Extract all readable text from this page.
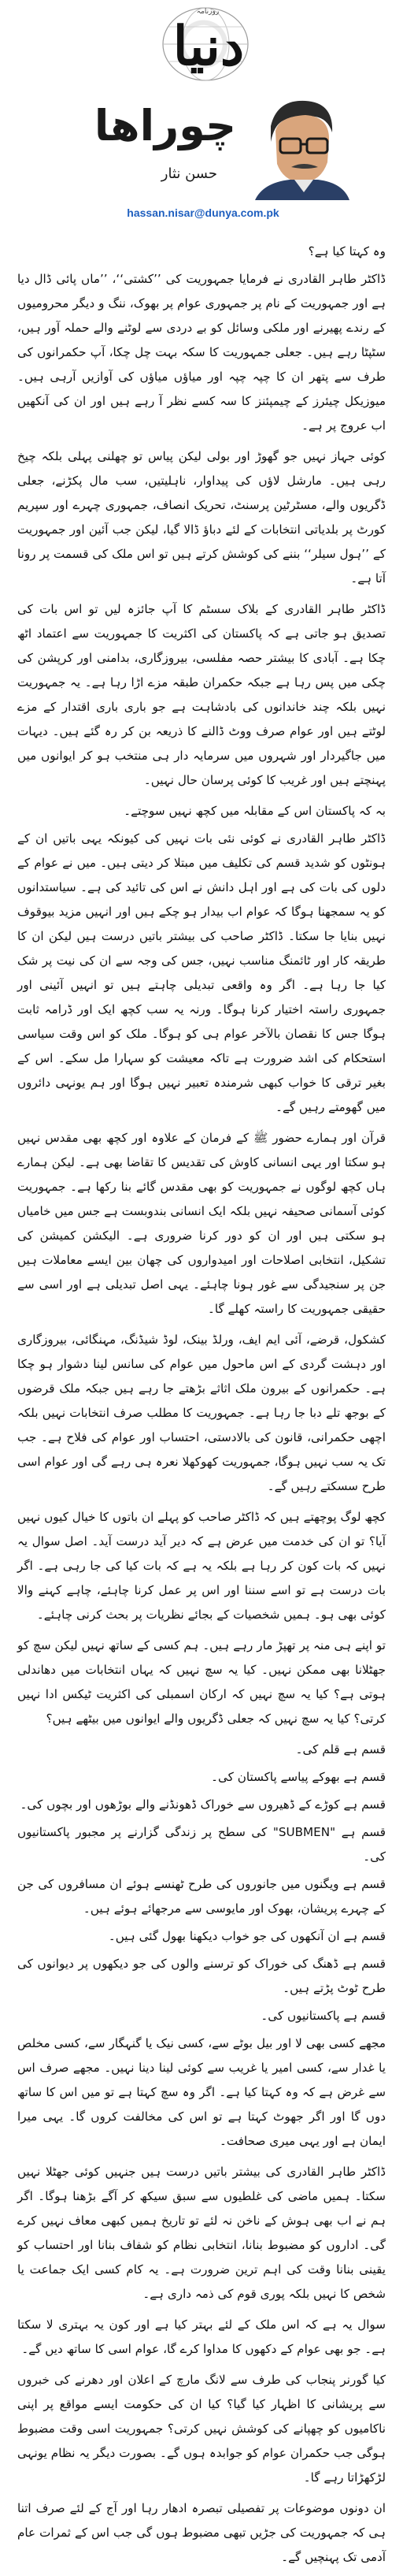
دنیا
روزنامہ
چوراھا
حسن نثار
hassan.nisar@dunya.com.pk

وہ کہتا کیا ہے؟

ڈاکٹر طاہر القادری نے فرمایا جمہوریت کی ’’کشتی‘‘، ’’ماں پائی ڈال دیا ہے اور جمہوریت کے نام پر جمہوری عوام پر بھوک، ننگ و دیگر محرومیوں کے رندے پھیرنے اور ملکی وسائل کو بے دردی سے لوٹنے والے حملہ آور ہیں، سٹپٹا رہے ہیں۔ جعلی جمہوریت کا سکہ بہت چل چکا، آپ حکمرانوں کی طرف سے پتھر ان کا چپہ چپہ اور میاؤں میاؤں کی آوازیں آرہی ہیں۔ میوزیکل چیئرز کے چیمپئنز کا سہ کسے نظر آ رہے ہیں اور ان کی آنکھیں اب عروج پر ہے۔

کوئی جہاز نہیں جو گھوڑ اور بولی لیکن پیاس تو چھلنی پہلی بلکہ چیخ رہی ہیں۔ مارشل لاؤں کی پیداوار، ناہلیتیں، سب مال پکڑنے، جعلی ڈگریوں والے، مسٹرٹین پرسنٹ، تحریک انصاف، جمہوری چہرے اور سپریم کورٹ پر بلدیاتی انتخابات کے لئے دباؤ ڈالا گیا، لیکن جب آئین اور جمہوریت کے ’’ہول سیلر‘‘ بننے کی کوشش کرتے ہیں تو اس ملک کی قسمت پر رونا آتا ہے۔

ڈاکٹر طاہر القادری کے بلاک سسٹم کا آپ جائزہ لیں تو اس بات کی تصدیق ہو جاتی ہے کہ پاکستان کی اکثریت کا جمہوریت سے اعتماد اٹھ چکا ہے۔ آبادی کا بیشتر حصہ مفلسی، بیروزگاری، بدامنی اور کرپشن کی چکی میں پس رہا ہے جبکہ حکمران طبقہ مزے اڑا رہا ہے۔ یہ جمہوریت نہیں بلکہ چند خاندانوں کی بادشاہت ہے جو باری باری اقتدار کے مزے لوٹتے ہیں اور عوام صرف ووٹ ڈالنے کا ذریعہ بن کر رہ گئے ہیں۔ دیہات میں جاگیردار اور شہروں میں سرمایہ دار ہی منتخب ہو کر ایوانوں میں پہنچتے ہیں اور غریب کا کوئی پرسان حال نہیں۔

بہ کہ پاکستان اس کے مقابلہ میں کچھ نہیں سوچتے۔

ڈاکٹر طاہر القادری نے کوئی نئی بات نہیں کی کیونکہ یہی باتیں ان کے ہونٹوں کو شدید قسم کی تکلیف میں مبتلا کر دیتی ہیں۔ میں نے عوام کے دلوں کی بات کی ہے اور اہل دانش نے اس کی تائید کی ہے۔ سیاستدانوں کو یہ سمجھنا ہوگا کہ عوام اب بیدار ہو چکے ہیں اور انہیں مزید بیوقوف نہیں بنایا جا سکتا۔ ڈاکٹر صاحب کی بیشتر باتیں درست ہیں لیکن ان کا طریقہ کار اور ٹائمنگ مناسب نہیں، جس کی وجہ سے ان کی نیت پر شک کیا جا رہا ہے۔ اگر وہ واقعی تبدیلی چاہتے ہیں تو انہیں آئینی اور جمہوری راستہ اختیار کرنا ہوگا۔ ورنہ یہ سب کچھ ایک اور ڈرامہ ثابت ہوگا جس کا نقصان بالآخر عوام ہی کو ہوگا۔ ملک کو اس وقت سیاسی استحکام کی اشد ضرورت ہے تاکہ معیشت کو سہارا مل سکے۔ اس کے بغیر ترقی کا خواب کبھی شرمندہ تعبیر نہیں ہوگا اور ہم یونہی دائروں میں گھومتے رہیں گے۔

قرآن اور ہمارے حضور ﷺ کے فرمان کے علاوہ اور کچھ بھی مقدس نہیں ہو سکتا اور یہی انسانی کاوش کی تقدیس کا تقاضا بھی ہے۔ لیکن ہمارے ہاں کچھ لوگوں نے جمہوریت کو بھی مقدس گائے بنا رکھا ہے۔ جمہوریت کوئی آسمانی صحیفہ نہیں بلکہ ایک انسانی بندوبست ہے جس میں خامیاں ہو سکتی ہیں اور ان کو دور کرنا ضروری ہے۔ الیکشن کمیشن کی تشکیل، انتخابی اصلاحات اور امیدواروں کی چھان بین ایسے معاملات ہیں جن پر سنجیدگی سے غور ہونا چاہئے۔ یہی اصل تبدیلی ہے اور اسی سے حقیقی جمہوریت کا راستہ کھلے گا۔

کشکول، قرضے، آئی ایم ایف، ورلڈ بینک، لوڈ شیڈنگ، مہنگائی، بیروزگاری اور دہشت گردی کے اس ماحول میں عوام کی سانس لینا دشوار ہو چکا ہے۔ حکمرانوں کے بیرون ملک اثاثے بڑھتے جا رہے ہیں جبکہ ملک قرضوں کے بوجھ تلے دبا جا رہا ہے۔ جمہوریت کا مطلب صرف انتخابات نہیں بلکہ اچھی حکمرانی، قانون کی بالادستی، احتساب اور عوام کی فلاح ہے۔ جب تک یہ سب نہیں ہوگا، جمہوریت کھوکھلا نعرہ ہی رہے گی اور عوام اسی طرح سسکتے رہیں گے۔

کچھ لوگ پوچھتے ہیں کہ ڈاکٹر صاحب کو پہلے ان باتوں کا خیال کیوں نہیں آیا؟ تو ان کی خدمت میں عرض ہے کہ دیر آید درست آید۔ اصل سوال یہ نہیں کہ بات کون کر رہا ہے بلکہ یہ ہے کہ بات کیا کی جا رہی ہے۔ اگر بات درست ہے تو اسے سننا اور اس پر عمل کرنا چاہئے، چاہے کہنے والا کوئی بھی ہو۔ ہمیں شخصیات کے بجائے نظریات پر بحث کرنی چاہئے۔

تو اپنے ہی منہ پر تھپڑ مار رہے ہیں۔ ہم کسی کے ساتھ نہیں لیکن سچ کو جھٹلانا بھی ممکن نہیں۔ کیا یہ سچ نہیں کہ یہاں انتخابات میں دھاندلی ہوتی ہے؟ کیا یہ سچ نہیں کہ ارکان اسمبلی کی اکثریت ٹیکس ادا نہیں کرتی؟ کیا یہ سچ نہیں کہ جعلی ڈگریوں والے ایوانوں میں بیٹھے ہیں؟

قسم ہے قلم کی۔

قسم ہے بھوکے پیاسے پاکستان کی۔

قسم ہے کوڑے کے ڈھیروں سے خوراک ڈھونڈنے والے بوڑھوں اور بچوں کی۔

قسم ہے "SUBMEN" کی سطح پر زندگی گزارنے پر مجبور پاکستانیوں کی۔

قسم ہے ویگنوں میں جانوروں کی طرح ٹھنسے ہوئے ان مسافروں کی جن کے چہرے پریشان، بھوک اور مایوسی سے مرجھائے ہوئے ہیں۔

قسم ہے ان آنکھوں کی جو خواب دیکھنا بھول گئی ہیں۔

قسم ہے ڈھنگ کی خوراک کو ترسنے والوں کی جو دیکھوں پر دیوانوں کی طرح ٹوٹ پڑتے ہیں۔

قسم ہے پاکستانیوں کی۔

مجھے کسی بھی لا اور بیل بوٹے سے، کسی نیک یا گنہگار سے، کسی مخلص یا غدار سے، کسی امیر یا غریب سے کوئی لینا دینا نہیں۔ مجھے صرف اس سے غرض ہے کہ وہ کہتا کیا ہے۔ اگر وہ سچ کہتا ہے تو میں اس کا ساتھ دوں گا اور اگر جھوٹ کہتا ہے تو اس کی مخالفت کروں گا۔ یہی میرا ایمان ہے اور یہی میری صحافت۔

ڈاکٹر طاہر القادری کی بیشتر باتیں درست ہیں جنہیں کوئی جھٹلا نہیں سکتا۔ ہمیں ماضی کی غلطیوں سے سبق سیکھ کر آگے بڑھنا ہوگا۔ اگر ہم نے اب بھی ہوش کے ناخن نہ لئے تو تاریخ ہمیں کبھی معاف نہیں کرے گی۔ اداروں کو مضبوط بنانا، انتخابی نظام کو شفاف بنانا اور احتساب کو یقینی بنانا وقت کی اہم ترین ضرورت ہے۔ یہ کام کسی ایک جماعت یا شخص کا نہیں بلکہ پوری قوم کی ذمہ داری ہے۔

سوال یہ ہے کہ اس ملک کے لئے بہتر کیا ہے اور کون یہ بہتری لا سکتا ہے۔ جو بھی عوام کے دکھوں کا مداوا کرے گا، عوام اسی کا ساتھ دیں گے۔

کیا گورنر پنجاب کی طرف سے لانگ مارچ کے اعلان اور دھرنے کی خبروں سے پریشانی کا اظہار کیا گیا؟ کیا ان کی حکومت ایسے مواقع پر اپنی ناکامیوں کو چھپانے کی کوشش نہیں کرتی؟ جمہوریت اسی وقت مضبوط ہوگی جب حکمران عوام کو جوابدہ ہوں گے۔ بصورت دیگر یہ نظام یونہی لڑکھڑاتا رہے گا۔

ان دونوں موضوعات پر تفصیلی تبصرہ ادھار رہا اور آج کے لئے صرف اتنا ہی کہ جمہوریت کی جڑیں تبھی مضبوط ہوں گی جب اس کے ثمرات عام آدمی تک پہنچیں گے۔
